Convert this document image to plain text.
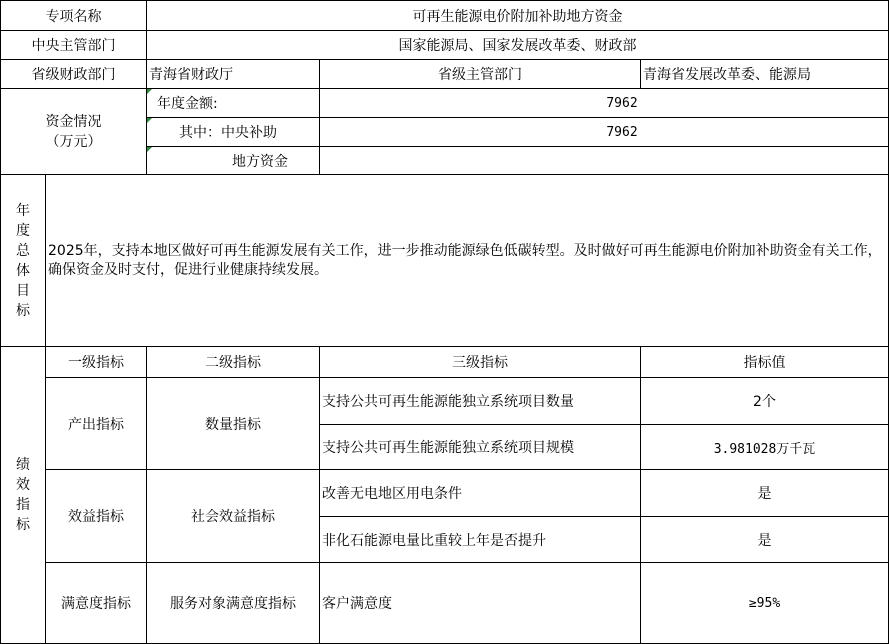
专项名称	可再生能源电价附加补助地方资金
中央主管部门	国家能源局、国家发展改革委、财政部
省级财政部门	青海省财政厅	省级主管部门	青海省发展改革委、能源局
资金情况
（万元）
年度金额:	7962
其中：中央补助	7962
地方资金
年
度
总
体
目
标
2025年，支持本地区做好可再生能源发展有关工作，进一步推动能源绿色低碳转型。及时做好可再生能源电价附加补助资金有关工作，确保资金及时支付，促进行业健康持续发展。
绩
效
指
标
一级指标	二级指标	三级指标	指标值
产出指标	数量指标
支持公共可再生能源能独立系统项目数量	2个
支持公共可再生能源能独立系统项目规模	3.981028万千瓦
效益指标	社会效益指标
改善无电地区用电条件	是
非化石能源电量比重较上年是否提升	是
满意度指标	服务对象满意度指标	客户满意度	≥95%
